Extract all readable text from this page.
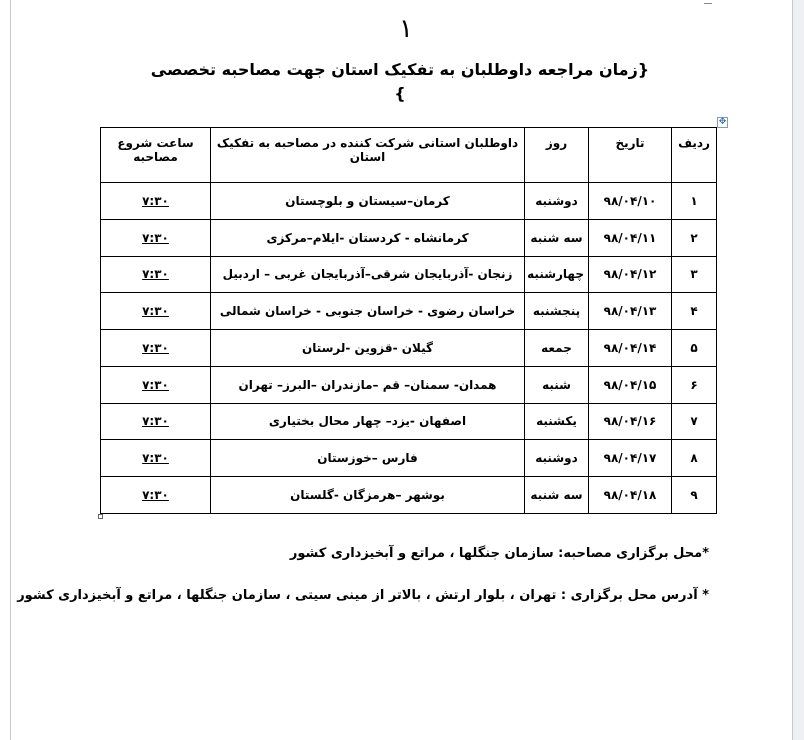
۱
{زمان مراجعه داوطلبان به تفکیک استان جهت مصاحبه تخصصی }
✥
ردیف	تاریخ	روز	داوطلبان استانی شرکت کننده در مصاحبه به تفکیک استان	ساعت شروع مصاحبه
۱	۹۸/۰۴/۱۰	دوشنبه	کرمان–سیستان و بلوچستان	۷:۳۰
۲	۹۸/۰۴/۱۱	سه شنبه	کرمانشاه - کردستان -ایلام–مرکزی	۷:۳۰
۳	۹۸/۰۴/۱۲	چهارشنبه	زنجان -آذربایجان شرقی–آذربایجان غربی – اردبیل	۷:۳۰
۴	۹۸/۰۴/۱۳	پنجشنبه	خراسان رضوی - خراسان جنوبی - خراسان شمالی	۷:۳۰
۵	۹۸/۰۴/۱۴	جمعه	گیلان -قزوین -لرستان	۷:۳۰
۶	۹۸/۰۴/۱۵	شنبه	همدان- سمنان– قم –مازندران –البرز– تهران	۷:۳۰
۷	۹۸/۰۴/۱۶	یکشنبه	اصفهان -یزد– چهار محال بختیاری	۷:۳۰
۸	۹۸/۰۴/۱۷	دوشنبه	فارس –خوزستان	۷:۳۰
۹	۹۸/۰۴/۱۸	سه شنبه	بوشهر –هرمزگان -گلستان	۷:۳۰
*محل برگزاری مصاحبه: سازمان جنگلها ، مراتع و آبخیزداری کشور
* آدرس محل برگزاری : تهران ، بلوار ارتش ، بالاتر از مینی سیتی ، سازمان جنگلها ، مراتع و آبخیزداری کشور
